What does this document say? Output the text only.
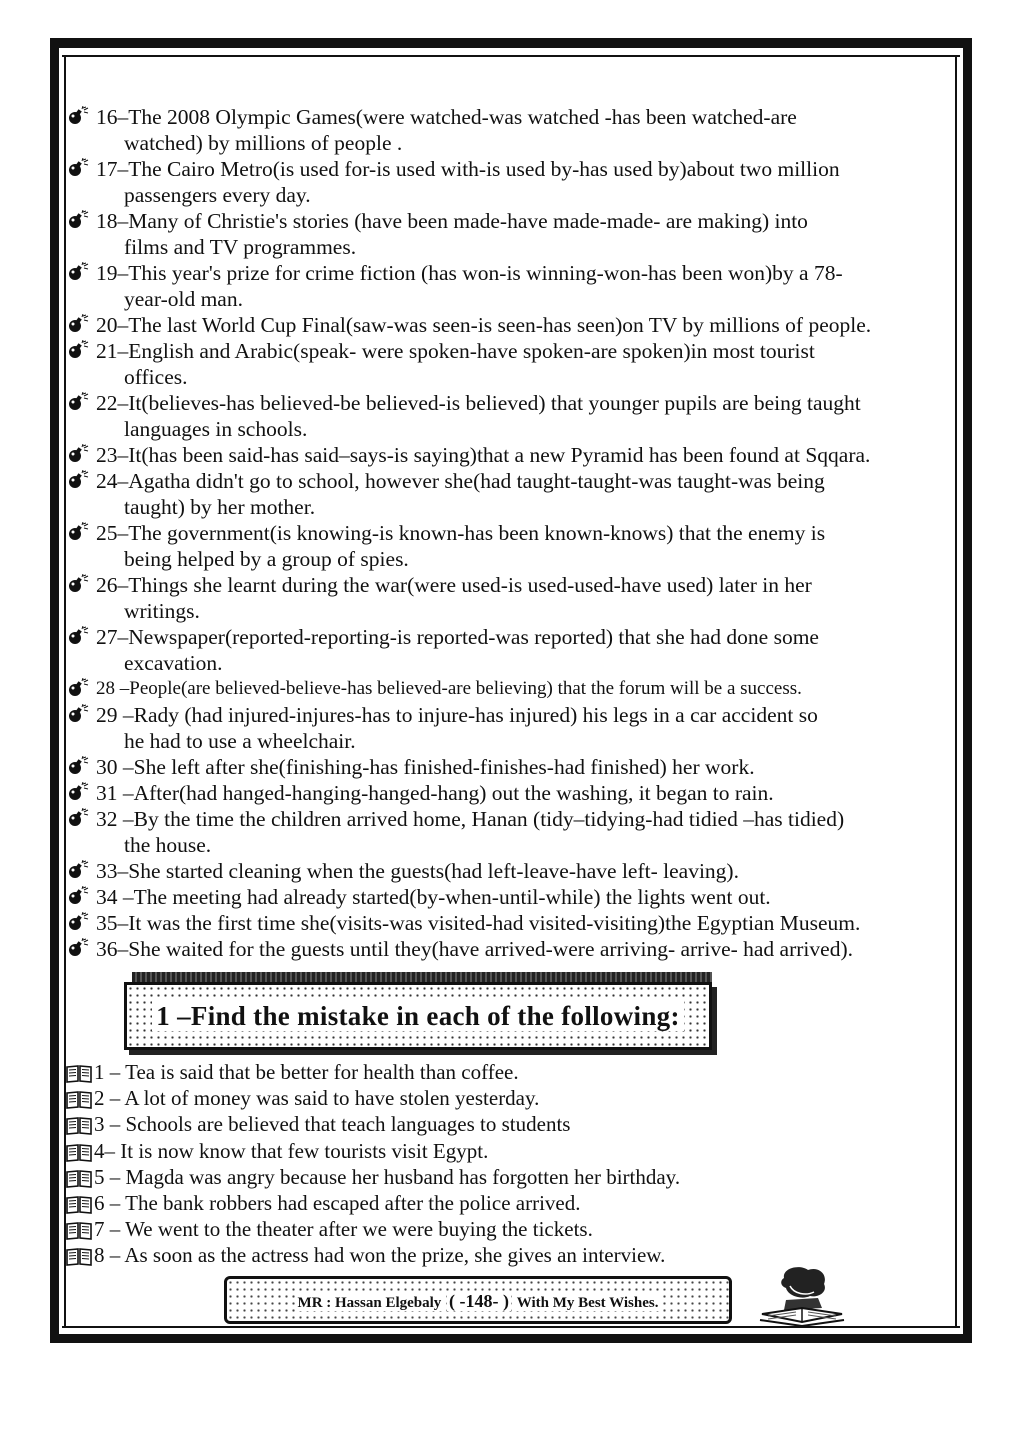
16–The 2008 Olympic Games(were watched-was watched -has been watched-are
watched) by millions of people .
17–The Cairo Metro(is used for-is used with-is used by-has used by)about two million
passengers every day.
18–Many of Christie's stories (have been made-have made-made- are making) into
films and TV programmes.
19–This year's prize for crime fiction (has won-is winning-won-has been won)by a 78-
year-old man.
20–The last World Cup Final(saw-was seen-is seen-has seen)on TV by millions of people.
21–English and Arabic(speak- were spoken-have spoken-are spoken)in most tourist
offices.
22–It(believes-has believed-be believed-is believed) that younger pupils are being taught
languages in schools.
23–It(has been said-has said–says-is saying)that a new Pyramid has been found at Sqqara.
24–Agatha didn't go to school, however she(had taught-taught-was taught-was being
taught) by her mother.
25–The government(is knowing-is known-has been known-knows) that the enemy is
being helped by a group of spies.
26–Things she learnt during the war(were used-is used-used-have used) later in her
writings.
27–Newspaper(reported-reporting-is reported-was reported) that she had done some
excavation.
28 –People(are believed-believe-has believed-are believing) that the forum will be a success.
29 –Rady (had injured-injures-has to injure-has injured) his legs in a car accident so
he had to use a wheelchair.
30 –She left after she(finishing-has finished-finishes-had finished) her work.
31 –After(had hanged-hanging-hanged-hang) out the washing, it began to rain.
32 –By the time the children arrived home, Hanan (tidy–tidying-had tidied –has tidied)
the house.
33–She started cleaning when the guests(had left-leave-have left- leaving).
34 –The meeting had already started(by-when-until-while) the lights went out.
35–It was the first time she(visits-was visited-had visited-visiting)the Egyptian Museum.
36–She waited for the guests until they(have arrived-were arriving- arrive- had arrived).
1 –Find the mistake in each of the following:
1 – Tea is said that be better for health than coffee.
2 – A lot of money was said to have stolen yesterday.
3 – Schools are believed that teach languages to students
4– It is now know that few tourists visit Egypt.
5 – Magda was angry because her husband has forgotten her birthday.
6 – The bank robbers had escaped after the police arrived.
7 – We went to the theater after we were buying the tickets.
8 – As soon as the actress had won the prize, she gives an interview.
MR : Hassan Elgebaly ( -148- ) With My Best Wishes.
